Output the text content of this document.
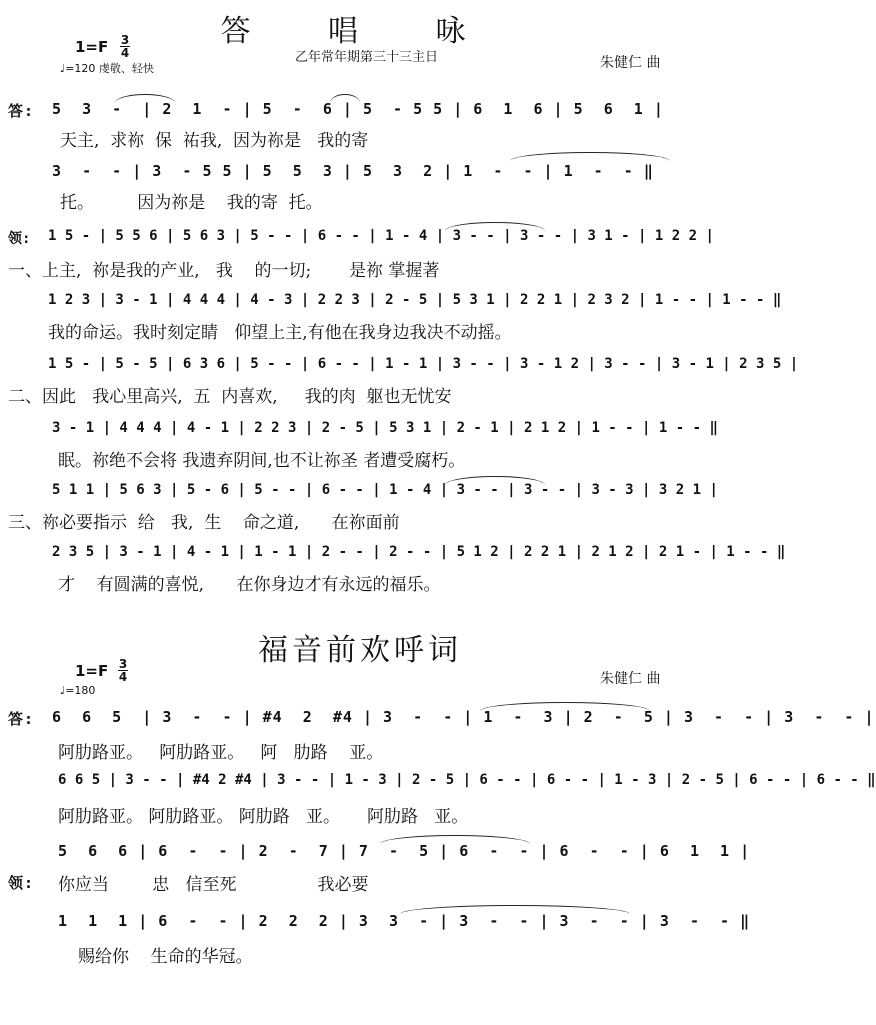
答 唱 咏
乙年常年期第三十三主日	朱健仁 曲
$1=F \frac{3}{4}$
♩=120 虔敬、轻快

答:

5  3  -  | 2  1  - | 5  -  6 | 5  - 5 5 | 6  1  6 | 5  6  1 |

天主,  求祢  保  祐我,  因为祢是   我的寄

3  -  - | 3  - 5 5 | 5  5  3 | 5  3  2 | 1  -  - | 1  -  - ‖

托。        因为祢是    我的寄  托。

领:

1 5 - | 5 5 6 | 5 6 3 | 5 - - | 6 - - | 1 - 4 | 3 - - | 3 - - | 3 1 - | 1 2 2 |

一、上主,  祢是我的产业,   我    的一切;       是祢 掌握著

1 2 3 | 3 - 1 | 4 4 4 | 4 - 3 | 2 2 3 | 2 - 5 | 5 3 1 | 2 2 1 | 2 3 2 | 1 - - | 1 - - ‖

我的命运。我时刻定睛   仰望上主,有他在我身边我决不动摇。

1 5 - | 5 - 5 | 6 3 6 | 5 - - | 6 - - | 1 - 1 | 3 - - | 3 - 1 2 | 3 - - | 3 - 1 | 2 3 5 |

二、因此   我心里高兴,  五  内喜欢,     我的肉  躯也无忧安

3 - 1 | 4 4 4 | 4 - 1 | 2 2 3 | 2 - 5 | 5 3 1 | 2 - 1 | 2 1 2 | 1 - - | 1 - - ‖

眠。祢绝不会将 我遗弃阴间,也不让祢圣 者遭受腐朽。

5 1 1 | 5 6 3 | 5 - 6 | 5 - - | 6 - - | 1 - 4 | 3 - - | 3 - - | 3 - 3 | 3 2 1 |

三、祢必要指示  给   我,  生    命之道,      在祢面前

2 3 5 | 3 - 1 | 4 - 1 | 1 - 1 | 2 - - | 2 - - | 5 1 2 | 2 2 1 | 2 1 2 | 2 1 - | 1 - - ‖

才    有圆满的喜悦,      在你身边才有永远的福乐。

福音前欢呼词
朱健仁 曲
$1=F \frac{3}{4}$
♩=180

答:

6  6  5  | 3  -  - | #4  2  #4 | 3  -  - | 1  -  3 | 2  -  5 | 3  -  - | 3  -  - |

阿肋路亚。   阿肋路亚。   阿   肋路    亚。

6 6 5 | 3 - - | #4 2 #4 | 3 - - | 1 - 3 | 2 - 5 | 6 - - | 6 - - | 1 - 3 | 2 - 5 | 6 - - | 6 - - ‖

阿肋路亚。 阿肋路亚。 阿肋路   亚。     阿肋路   亚。

领:

5  6  6 | 6  -  - | 2  -  7 | 7  -  5 | 6  -  - | 6  -  - | 6  1  1 |

你应当        忠   信至死               我必要

1  1  1 | 6  -  - | 2  2  2 | 3  3  - | 3  -  - | 3  -  - | 3  -  - ‖

赐给你    生命的华冠。
